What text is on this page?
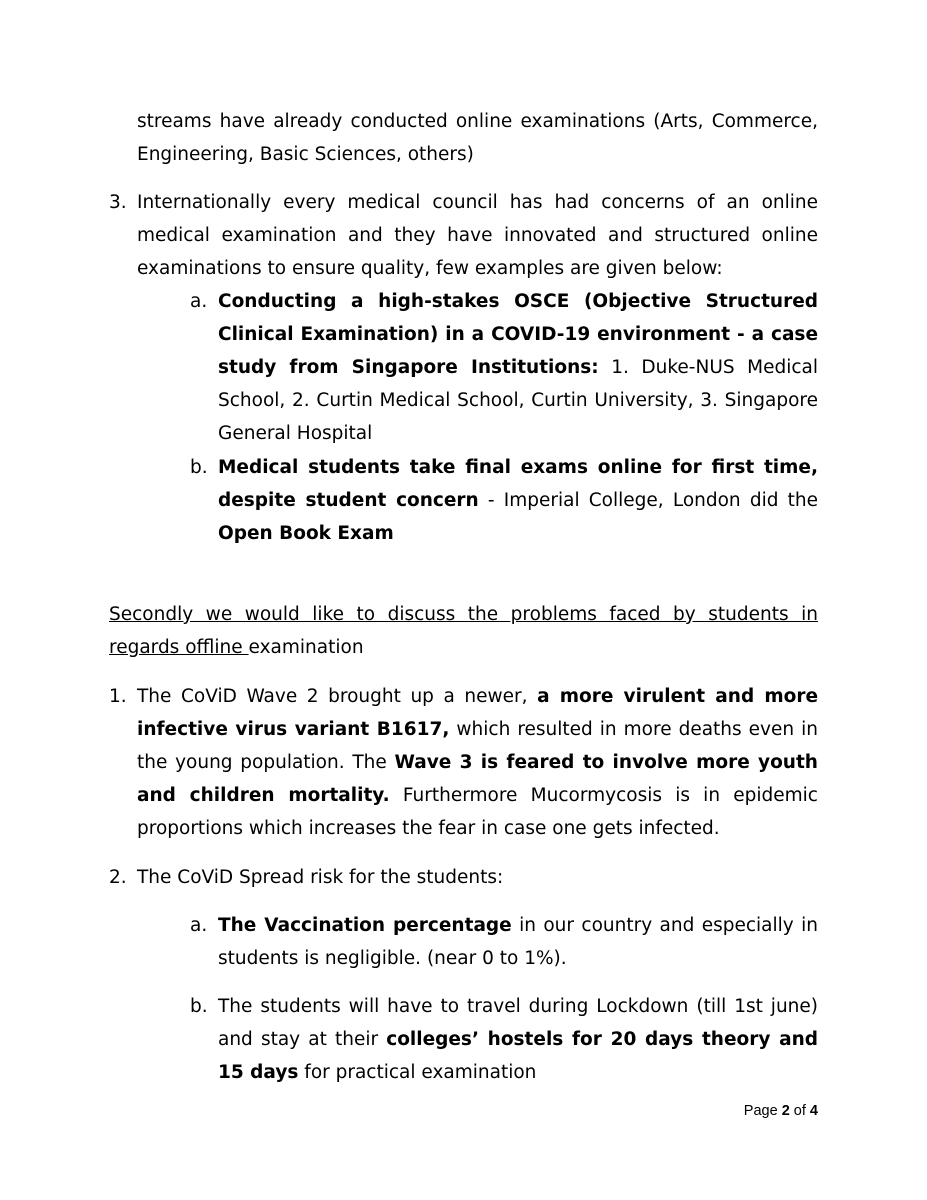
streams have already conducted online examinations (Arts, Commerce, Engineering, Basic Sciences, others)
3. Internationally every medical council has had concerns of an online medical examination and they have innovated and structured online examinations to ensure quality, few examples are given below:
a. Conducting a high-stakes OSCE (Objective Structured Clinical Examination) in a COVID-19 environment - a case study from Singapore Institutions: 1. Duke-NUS Medical School, 2. Curtin Medical School, Curtin University, 3. Singapore General Hospital
b. Medical students take final exams online for first time, despite student concern - Imperial College, London did the Open Book Exam
Secondly we would like to discuss the problems faced by students in regards offline examination
1. The CoViD Wave 2 brought up a newer, a more virulent and more infective virus variant B1617, which resulted in more deaths even in the young population. The Wave 3 is feared to involve more youth and children mortality. Furthermore Mucormycosis is in epidemic proportions which increases the fear in case one gets infected.
2. The CoViD Spread risk for the students:
a. The Vaccination percentage in our country and especially in students is negligible. (near 0 to 1%).
b. The students will have to travel during Lockdown (till 1st june) and stay at their colleges’ hostels for 20 days theory and 15 days for practical examination
Page 2 of 4
